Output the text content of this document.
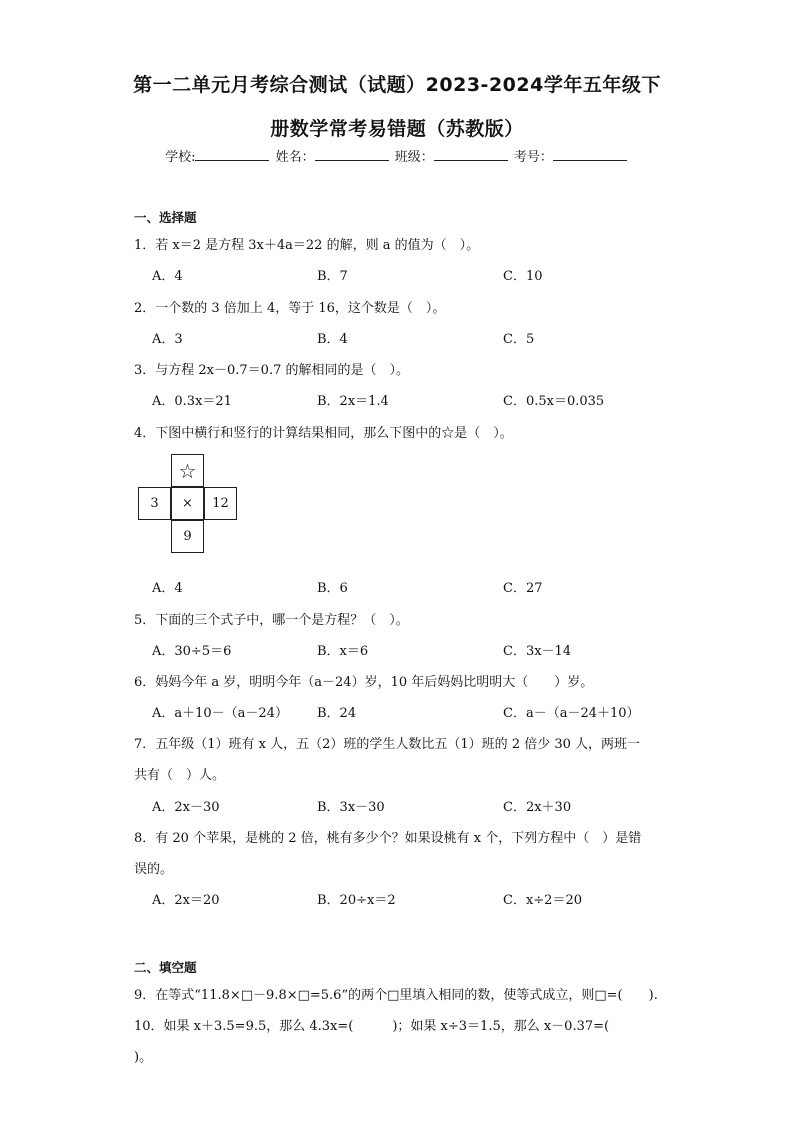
第一二单元月考综合测试（试题）2023-2024学年五年级下
册数学常考易错题（苏教版）
学校:	姓名：	班级：	考号：
一、选择题
1．若 x＝2 是方程 3x＋4a＝22 的解，则 a 的值为（　）。
A．4	B．7	C．10
2．一个数的 3 倍加上 4，等于 16，这个数是（　）。
A．3	B．4	C．5
3．与方程 2x－0.7＝0.7 的解相同的是（　）。
A．0.3x＝21	B．2x＝1.4	C．0.5x＝0.035
4．下图中横行和竖行的计算结果相同，那么下图中的☆是（　）。
☆
3	×	12
9
A．4	B．6	C．27
5．下面的三个式子中，哪一个是方程？（　）。
A．30÷5＝6	B．x＝6	C．3x－14
6．妈妈今年 a 岁，明明今年（a－24）岁，10 年后妈妈比明明大（　　）岁。
A．a＋10－（a－24） B．24	C．a－（a－24＋10）
7．五年级（1）班有 x 人，五（2）班的学生人数比五（1）班的 2 倍少 30 人，两班一
共有（　）人。
A．2x－30	B．3x－30	C．2x＋30
8．有 20 个苹果，是桃的 2 倍，桃有多少个？如果设桃有 x 个，下列方程中（　）是错
误的。
A．2x＝20	B．20÷x＝2	C．x÷2＝20
二、填空题
9．在等式“11.8×□－9.8×□=5.6”的两个□里填入相同的数，使等式成立，则□=(　　).
10．如果 x＋3.5=9.5，那么 4.3x=(　　　)；如果 x÷3＝1.5，那么 x－0.37=(
)。
